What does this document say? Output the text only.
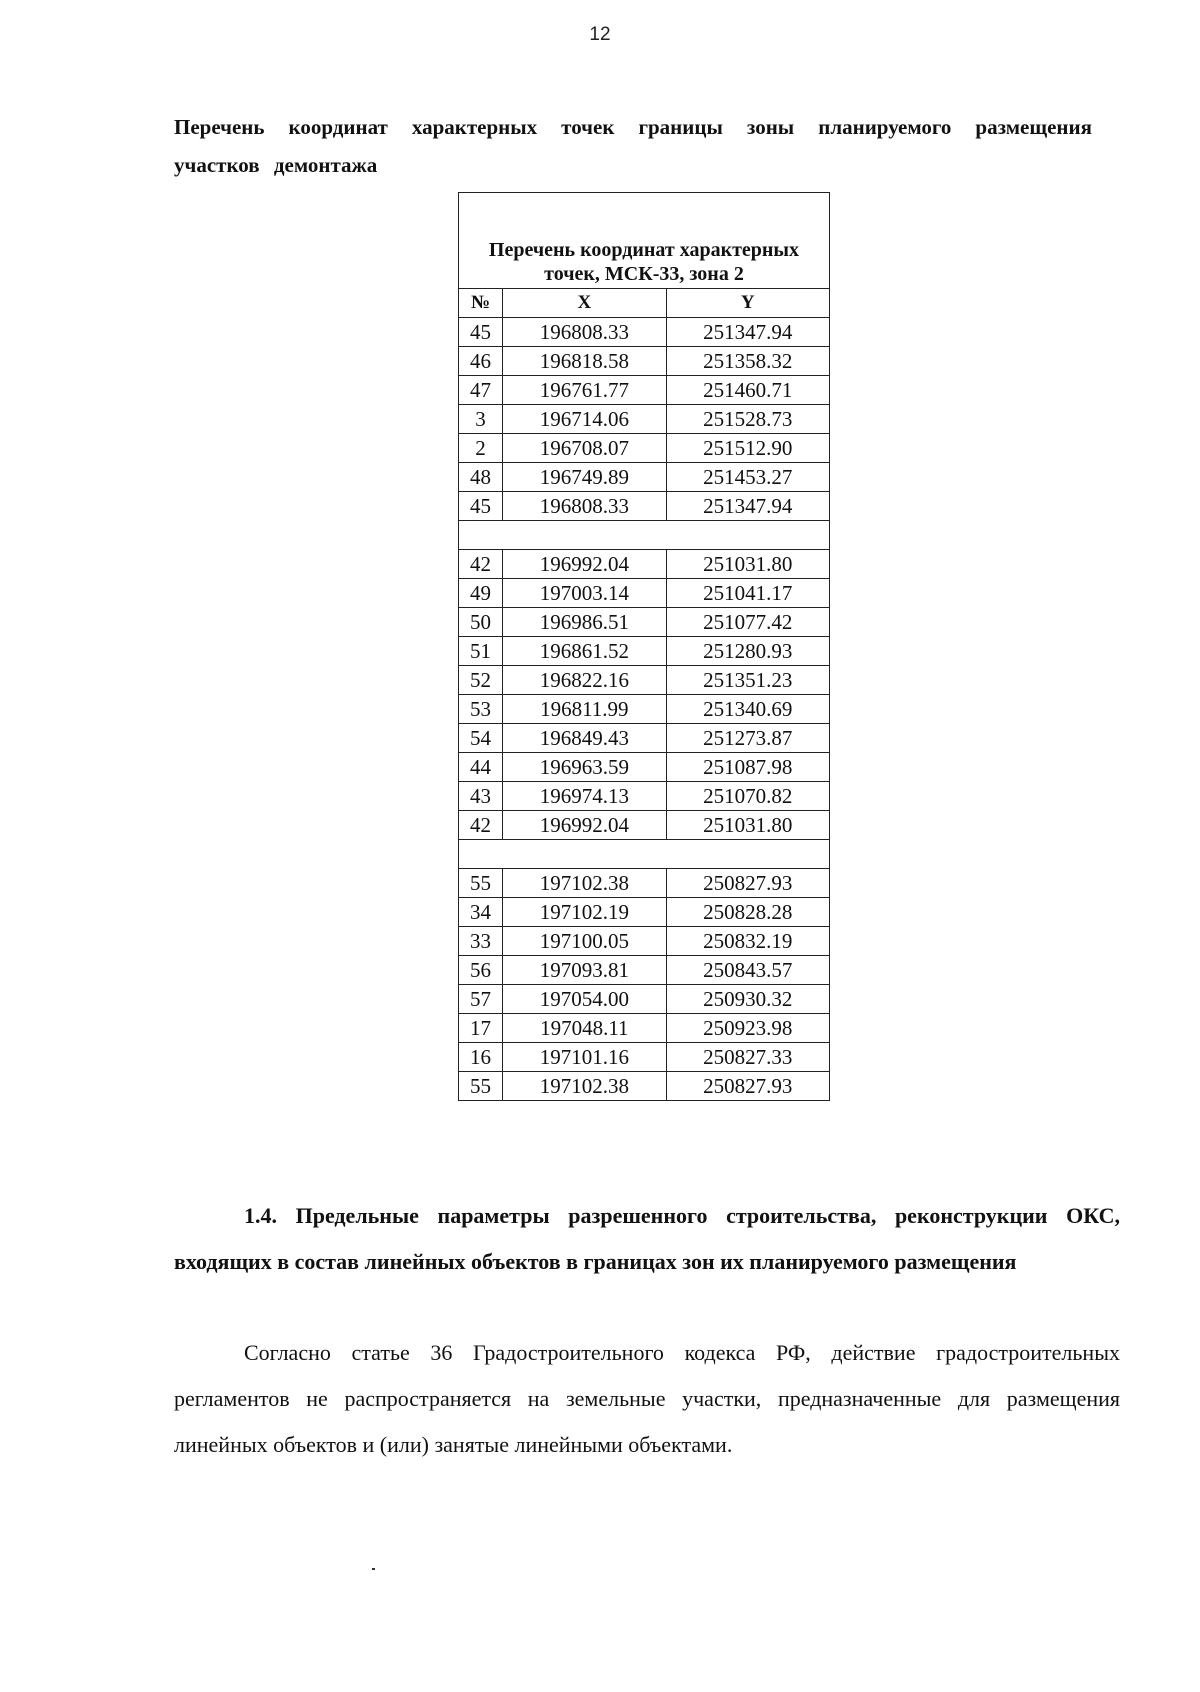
12

Перечень координат характерных точек границы зоны планируемого размещения участков демонтажа

Перечень координат характерных точек, МСК-33, зона 2		
№	X	Y
45	196808.33	251347.94
46	196818.58	251358.32
47	196761.77	251460.71
3	196714.06	251528.73
2	196708.07	251512.90
48	196749.89	251453.27
45	196808.33	251347.94

42	196992.04	251031.80
49	197003.14	251041.17
50	196986.51	251077.42
51	196861.52	251280.93
52	196822.16	251351.23
53	196811.99	251340.69
54	196849.43	251273.87
44	196963.59	251087.98
43	196974.13	251070.82
42	196992.04	251031.80

55	197102.38	250827.93
34	197102.19	250828.28
33	197100.05	250832.19
56	197093.81	250843.57
57	197054.00	250930.32
17	197048.11	250923.98
16	197101.16	250827.33
55	197102.38	250827.93

1.4. Предельные параметры разрешенного строительства, реконструкции ОКС, входящих в состав линейных объектов в границах зон их планируемого размещения

Согласно статье 36 Градостроительного кодекса РФ, действие градостроительных регламентов не распространяется на земельные участки, предназначенные для размещения линейных объектов и (или) занятые линейными объектами.
